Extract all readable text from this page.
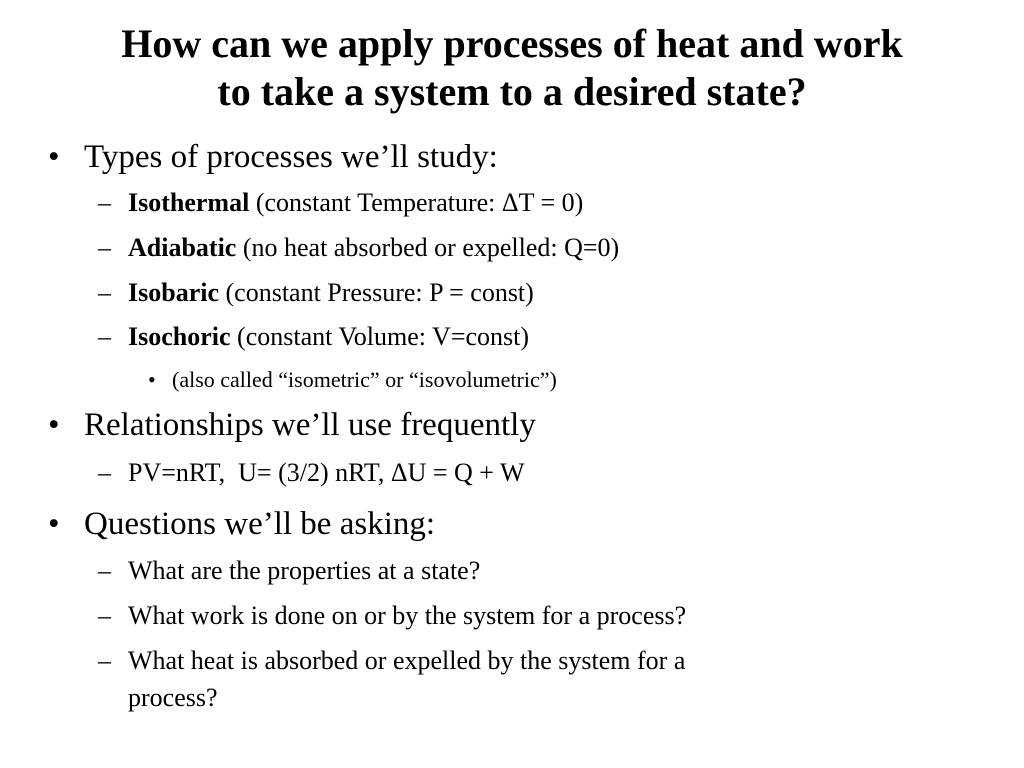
How can we apply processes of heat and work
to take a system to a desired state?
• Types of processes we’ll study:
– Isothermal (constant Temperature: ΔT = 0)
– Adiabatic (no heat absorbed or expelled: Q=0)
– Isobaric (constant Pressure: P = const)
– Isochoric (constant Volume: V=const)
• (also called “isometric” or “isovolumetric”)
• Relationships we’ll use frequently
– PV=nRT,  U= (3/2) nRT, ΔU = Q + W
• Questions we’ll be asking:
– What are the properties at a state?
– What work is done on or by the system for a process?
– What heat is absorbed or expelled by the system for a
process?
